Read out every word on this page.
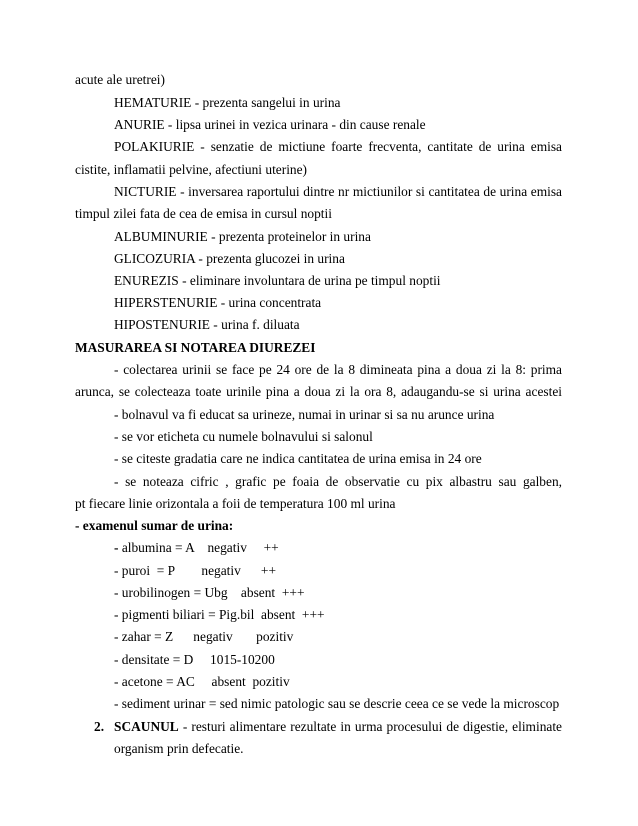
acute ale uretrei)
HEMATURIE - prezenta sangelui in urina
ANURIE - lipsa urinei in vezica urinara - din cause renale
POLAKIURIE - senzatie de mictiune foarte frecventa, cantitate de urina emisa
cistite, inflamatii pelvine, afectiuni uterine)
NICTURIE - inversarea raportului dintre nr mictiunilor si cantitatea de urina emisa
timpul zilei fata de cea de emisa in cursul noptii
ALBUMINURIE - prezenta proteinelor in urina
GLICOZURIA - prezenta glucozei in urina
ENUREZIS - eliminare involuntara de urina pe timpul noptii
HIPERSTENURIE - urina concentrata
HIPOSTENURIE - urina f. diluata
MASURAREA SI NOTAREA DIUREZEI
- colectarea urinii se face pe 24 ore de la 8 dimineata pina a doua zi la 8: prima
arunca, se colecteaza toate urinile pina a doua zi la ora 8, adaugandu-se si urina acestei
- bolnavul va fi educat sa urineze, numai in urinar si sa nu arunce urina
- se vor eticheta cu numele bolnavului si salonul
- se citeste gradatia care ne indica cantitatea de urina emisa in 24 ore
- se noteaza cifric , grafic pe foaia de observatie cu pix albastru sau galben,
pt fiecare linie orizontala a foii de temperatura 100 ml urina
- examenul sumar de urina:
- albumina = A    negativ     ++
- puroi  = P        negativ      ++
- urobilinogen = Ubg    absent  +++
- pigmenti biliari = Pig.bil  absent  +++
- zahar = Z      negativ       pozitiv
- densitate = D     1015-10200
- acetone = AC     absent  pozitiv
- sediment urinar = sed nimic patologic sau se descrie ceea ce se vede la microscop
2. SCAUNUL - resturi alimentare rezultate in urma procesului de digestie, eliminate
organism prin defecatie.
